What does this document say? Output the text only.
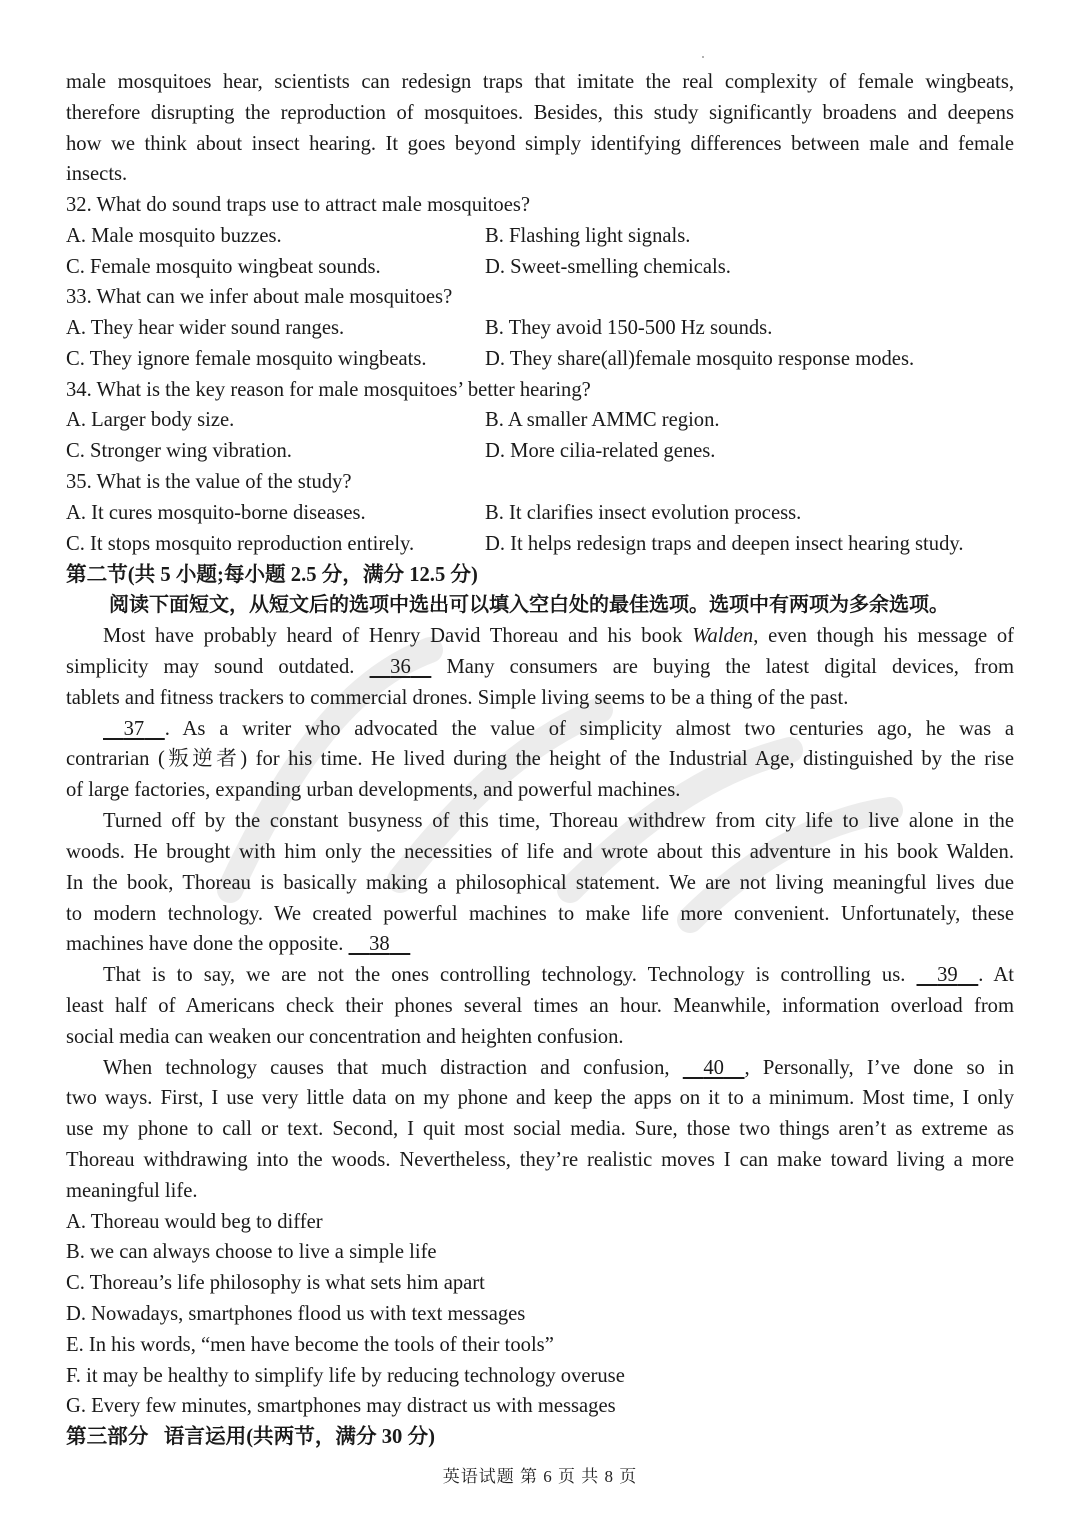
male mosquitoes hear, scientists can redesign traps that imitate the real complexity of female wingbeats,
therefore disrupting the reproduction of mosquitoes. Besides, this study significantly broadens and deepens
how we think about insect hearing. It goes beyond simply identifying differences between male and female
insects.
32. What do sound traps use to attract male mosquitoes?
A. Male mosquito buzzes.	B. Flashing light signals.
C. Female mosquito wingbeat sounds.	D. Sweet-smelling chemicals.
33. What can we infer about male mosquitoes?
A. They hear wider sound ranges.	B. They avoid 150-500 Hz sounds.
C. They ignore female mosquito wingbeats.	D. They share(all)female mosquito response modes.
34. What is the key reason for male mosquitoes’ better hearing?
A. Larger body size.	B. A smaller AMMC region.
C. Stronger wing vibration.	D. More cilia-related genes.
35. What is the value of the study?
A. It cures mosquito-borne diseases.	B. It clarifies insect evolution process.
C. It stops mosquito reproduction entirely.	D. It helps redesign traps and deepen insect hearing study.
第二节(共 5 小题;每小题 2.5 分，满分 12.5 分)
阅读下面短文，从短文后的选项中选出可以填入空白处的最佳选项。选项中有两项为多余选项。
Most have probably heard of Henry David Thoreau and his book Walden, even though his message of
simplicity may sound outdated.     36     Many consumers are buying the latest digital devices, from
tablets and fitness trackers to commercial drones. Simple living seems to be a thing of the past.
37 . As a writer who advocated the value of simplicity almost two centuries ago, he was a
contrarian (叛逆者) for his time. He lived during the height of the Industrial Age, distinguished by the rise
of large factories, expanding urban developments, and powerful machines.
Turned off by the constant busyness of this time, Thoreau withdrew from city life to live alone in the
woods. He brought with him only the necessities of life and wrote about this adventure in his book Walden.
In the book, Thoreau is basically making a philosophical statement. We are not living meaningful lives due
to modern technology. We created powerful machines to make life more convenient. Unfortunately, these
machines have done the opposite.     38
That is to say, we are not the ones controlling technology. Technology is controlling us.     39 . At
least half of Americans check their phones several times an hour. Meanwhile, information overload from
social media can weaken our concentration and heighten confusion.
When technology causes that much distraction and confusion,     40 , Personally, I’ve done so in
two ways. First, I use very little data on my phone and keep the apps on it to a minimum. Most time, I only
use my phone to call or text. Second, I quit most social media. Sure, those two things aren’t as extreme as
Thoreau withdrawing into the woods. Nevertheless, they’re realistic moves I can make toward living a more
meaningful life.
A. Thoreau would beg to differ
B. we can always choose to live a simple life
C. Thoreau’s life philosophy is what sets him apart
D. Nowadays, smartphones flood us with text messages
E. In his words, “men have become the tools of their tools”
F. it may be healthy to simplify life by reducing technology overuse
G. Every few minutes, smartphones may distract us with messages
第三部分   语言运用(共两节，满分 30 分)
英语试题 第 6 页 共 8 页
